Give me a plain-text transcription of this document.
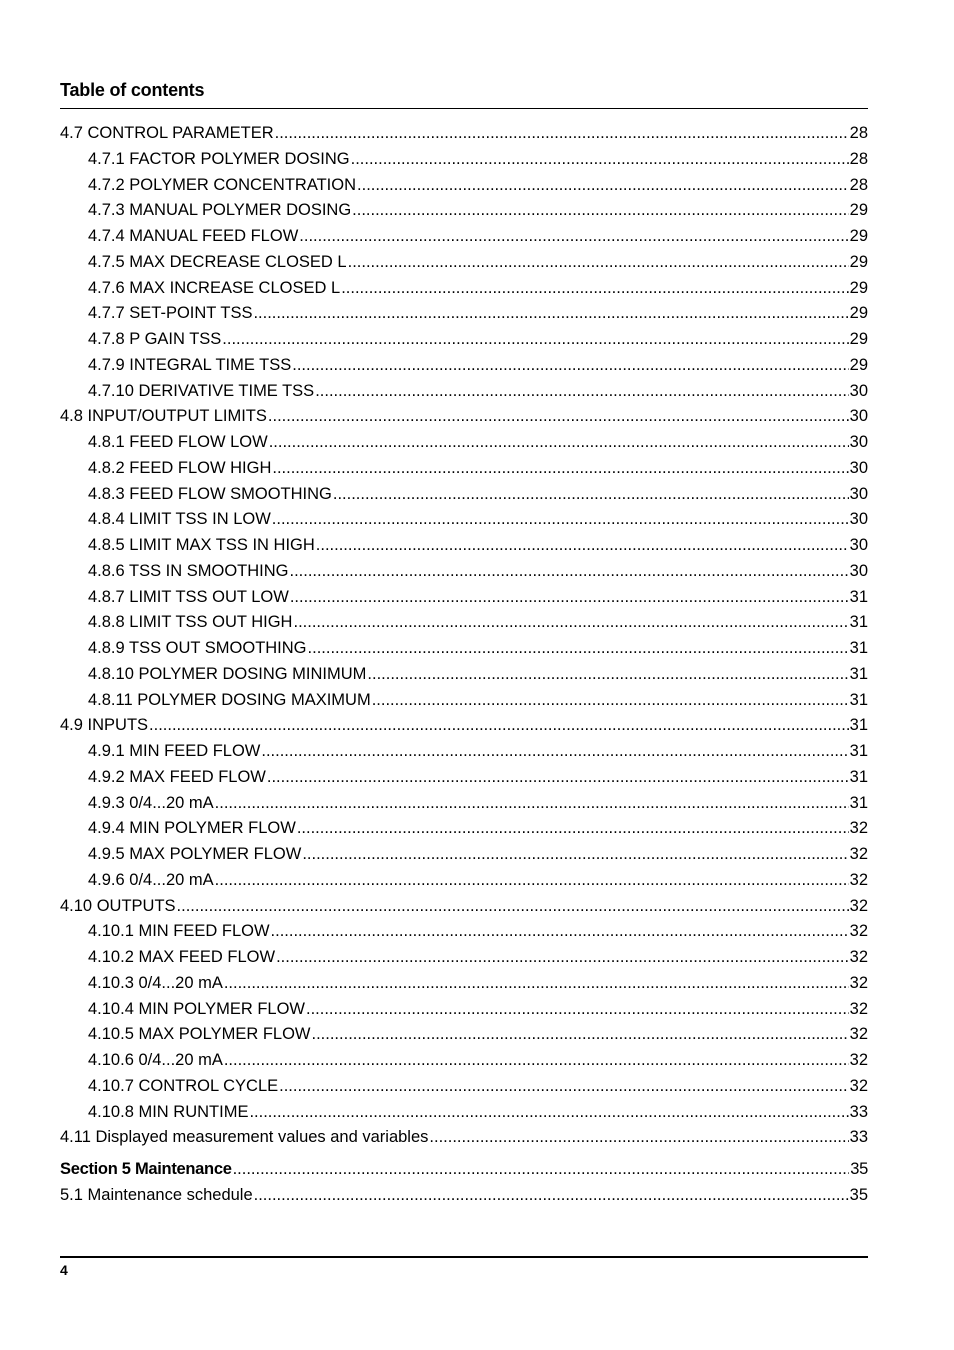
Table of contents
4.7 CONTROL PARAMETER .....	28
4.7.1 FACTOR POLYMER DOSING .....	28
4.7.2 POLYMER CONCENTRATION .....	28
4.7.3 MANUAL POLYMER DOSING .....	29
4.7.4 MANUAL FEED FLOW .....	29
4.7.5 MAX DECREASE CLOSED L .....	29
4.7.6 MAX INCREASE CLOSED L .....	29
4.7.7 SET-POINT TSS .....	29
4.7.8 P GAIN TSS .....	29
4.7.9 INTEGRAL TIME TSS .....	29
4.7.10 DERIVATIVE TIME TSS .....	30
4.8 INPUT/OUTPUT LIMITS .....	30
4.8.1 FEED FLOW LOW .....	30
4.8.2 FEED FLOW HIGH .....	30
4.8.3 FEED FLOW SMOOTHING .....	30
4.8.4 LIMIT TSS IN LOW .....	30
4.8.5 LIMIT MAX TSS IN HIGH .....	30
4.8.6 TSS IN SMOOTHING .....	30
4.8.7 LIMIT TSS OUT LOW .....	31
4.8.8 LIMIT TSS OUT HIGH .....	31
4.8.9 TSS OUT SMOOTHING .....	31
4.8.10 POLYMER DOSING MINIMUM .....	31
4.8.11 POLYMER DOSING MAXIMUM .....	31
4.9 INPUTS .....	31
4.9.1 MIN FEED FLOW .....	31
4.9.2 MAX FEED FLOW .....	31
4.9.3 0/4...20 mA .....	31
4.9.4 MIN POLYMER FLOW .....	32
4.9.5 MAX POLYMER FLOW .....	32
4.9.6 0/4...20 mA .....	32
4.10 OUTPUTS .....	32
4.10.1 MIN FEED FLOW .....	32
4.10.2 MAX FEED FLOW .....	32
4.10.3 0/4...20 mA .....	32
4.10.4 MIN POLYMER FLOW .....	32
4.10.5 MAX POLYMER FLOW .....	32
4.10.6 0/4...20 mA .....	32
4.10.7 CONTROL CYCLE .....	32
4.10.8 MIN RUNTIME .....	33
4.11 Displayed measurement values and variables .....	33
Section 5 Maintenance .....	35
5.1 Maintenance schedule .....	35
4
